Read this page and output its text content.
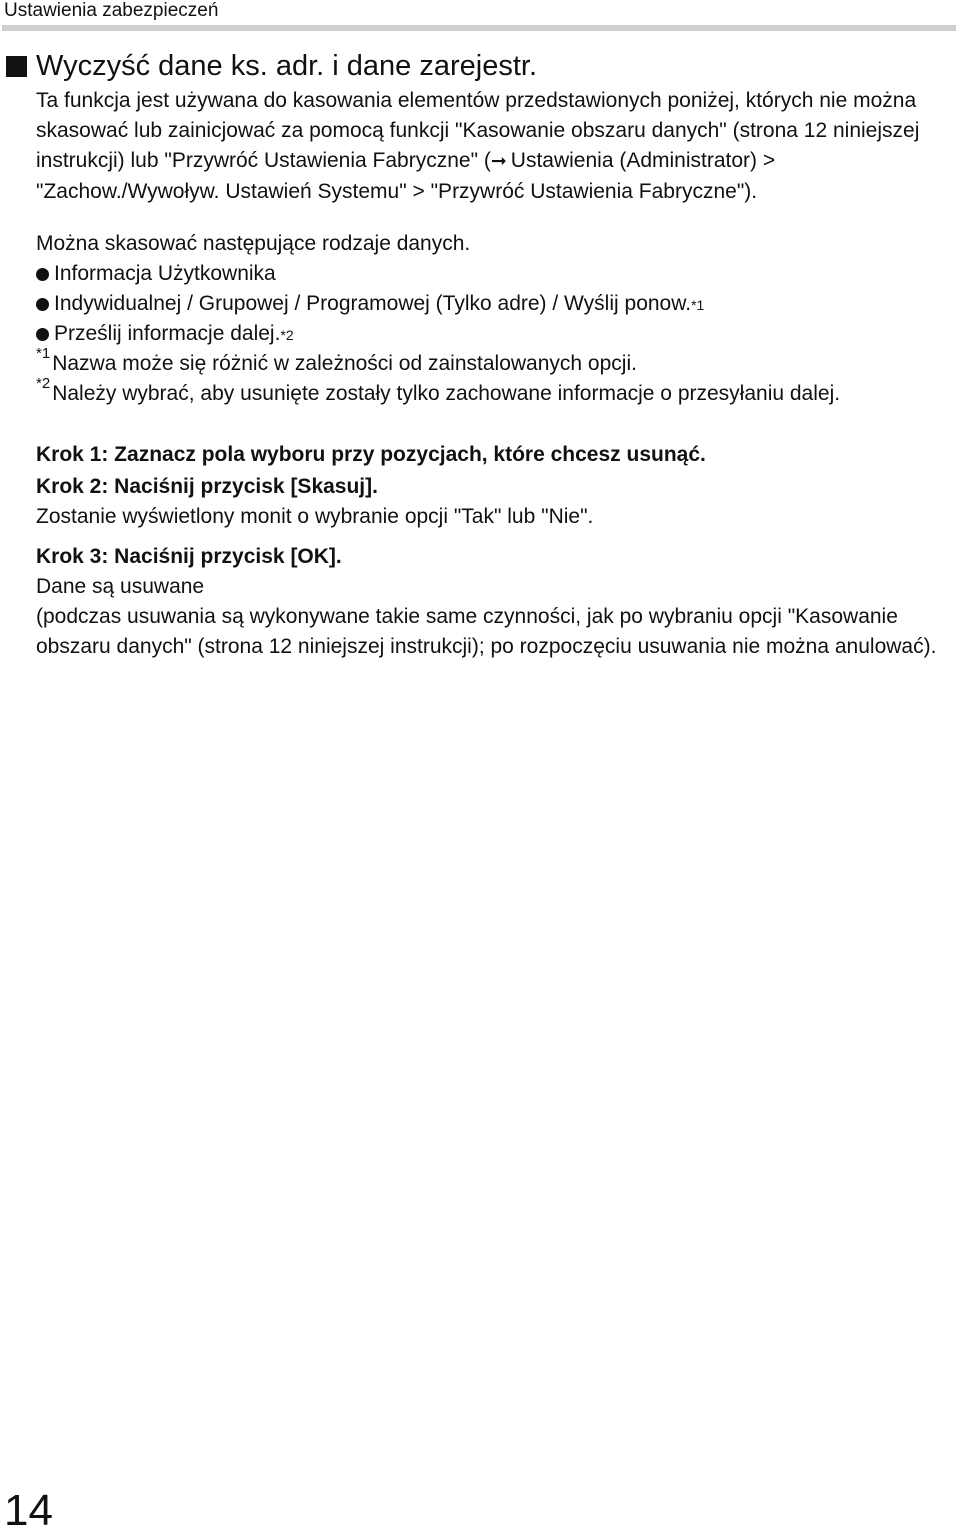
Ustawienia zabezpieczeń
Wyczyść dane ks. adr. i dane zarejestr.

Ta funkcja jest używana do kasowania elementów przedstawionych poniżej, których nie można skasować lub zainicjować za pomocą funkcji "Kasowanie obszaru danych" (strona 12 niniejszej instrukcji) lub "Przywróć Ustawienia Fabryczne" (➞ Ustawienia (Administrator) > "Zachow./Wywoływ. Ustawień Systemu" > "Przywróć Ustawienia Fabryczne").

Można skasować następujące rodzaje danych.

Informacja Użytkownika
Indywidualnej / Grupowej / Programowej (Tylko adre) / Wyślij ponow. *1
Prześlij informacje dalej. *2
*1 Nazwa może się różnić w zależności od zainstalowanych opcji.
*2 Należy wybrać, aby usunięte zostały tylko zachowane informacje o przesyłaniu dalej.

Krok 1: Zaznacz pola wyboru przy pozycjach, które chcesz usunąć.

Krok 2: Naciśnij przycisk [Skasuj].

Zostanie wyświetlony monit o wybranie opcji "Tak" lub "Nie".

Krok 3: Naciśnij przycisk [OK].

Dane są usuwane

(podczas usuwania są wykonywane takie same czynności, jak po wybraniu opcji "Kasowanie obszaru danych" (strona 12 niniejszej instrukcji); po rozpoczęciu usuwania nie można anulować).

14
